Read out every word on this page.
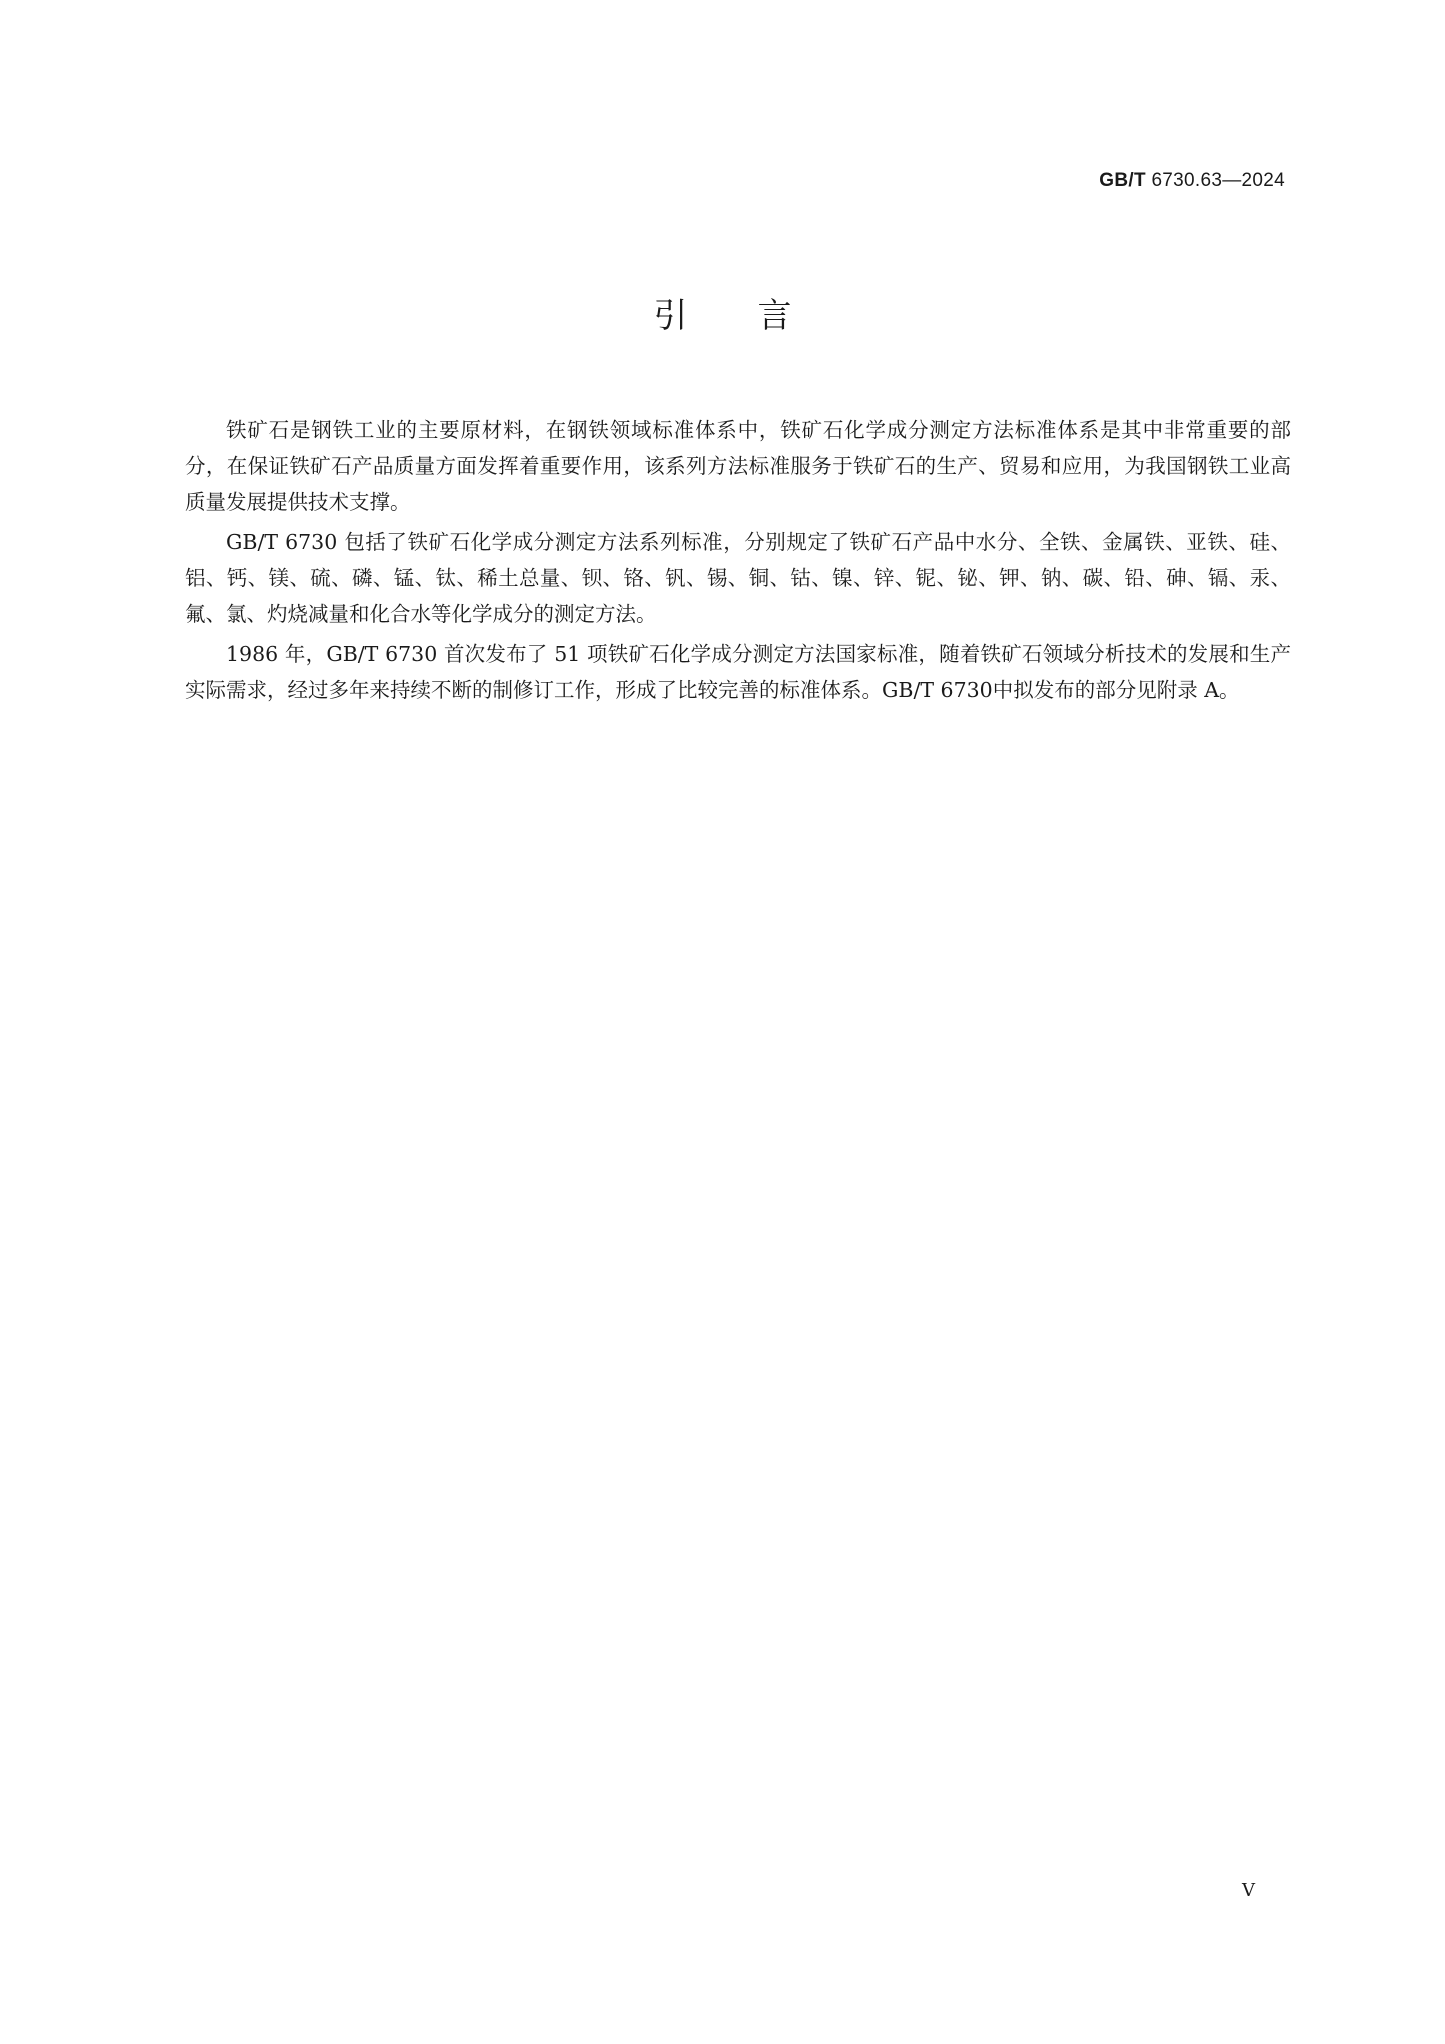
GB/T 6730.63—2024
引言

铁矿石是钢铁工业的主要原材料，在钢铁领域标准体系中，铁矿石化学成分测定方法标准体系是其中非常重要的部分，在保证铁矿石产品质量方面发挥着重要作用，该系列方法标准服务于铁矿石的生产、贸易和应用，为我国钢铁工业高质量发展提供技术支撑。

GB/T 6730 包括了铁矿石化学成分测定方法系列标准，分别规定了铁矿石产品中水分、全铁、金属铁、亚铁、硅、铝、钙、镁、硫、磷、锰、钛、稀土总量、钡、铬、钒、锡、铜、钴、镍、锌、铌、铋、钾、钠、碳、铅、砷、镉、汞、氟、氯、灼烧减量和化合水等化学成分的测定方法。

1986 年，GB/T 6730 首次发布了 51 项铁矿石化学成分测定方法国家标准，随着铁矿石领域分析技术的发展和生产实际需求，经过多年来持续不断的制修订工作，形成了比较完善的标准体系。GB/T 6730中拟发布的部分见附录 A。

V
